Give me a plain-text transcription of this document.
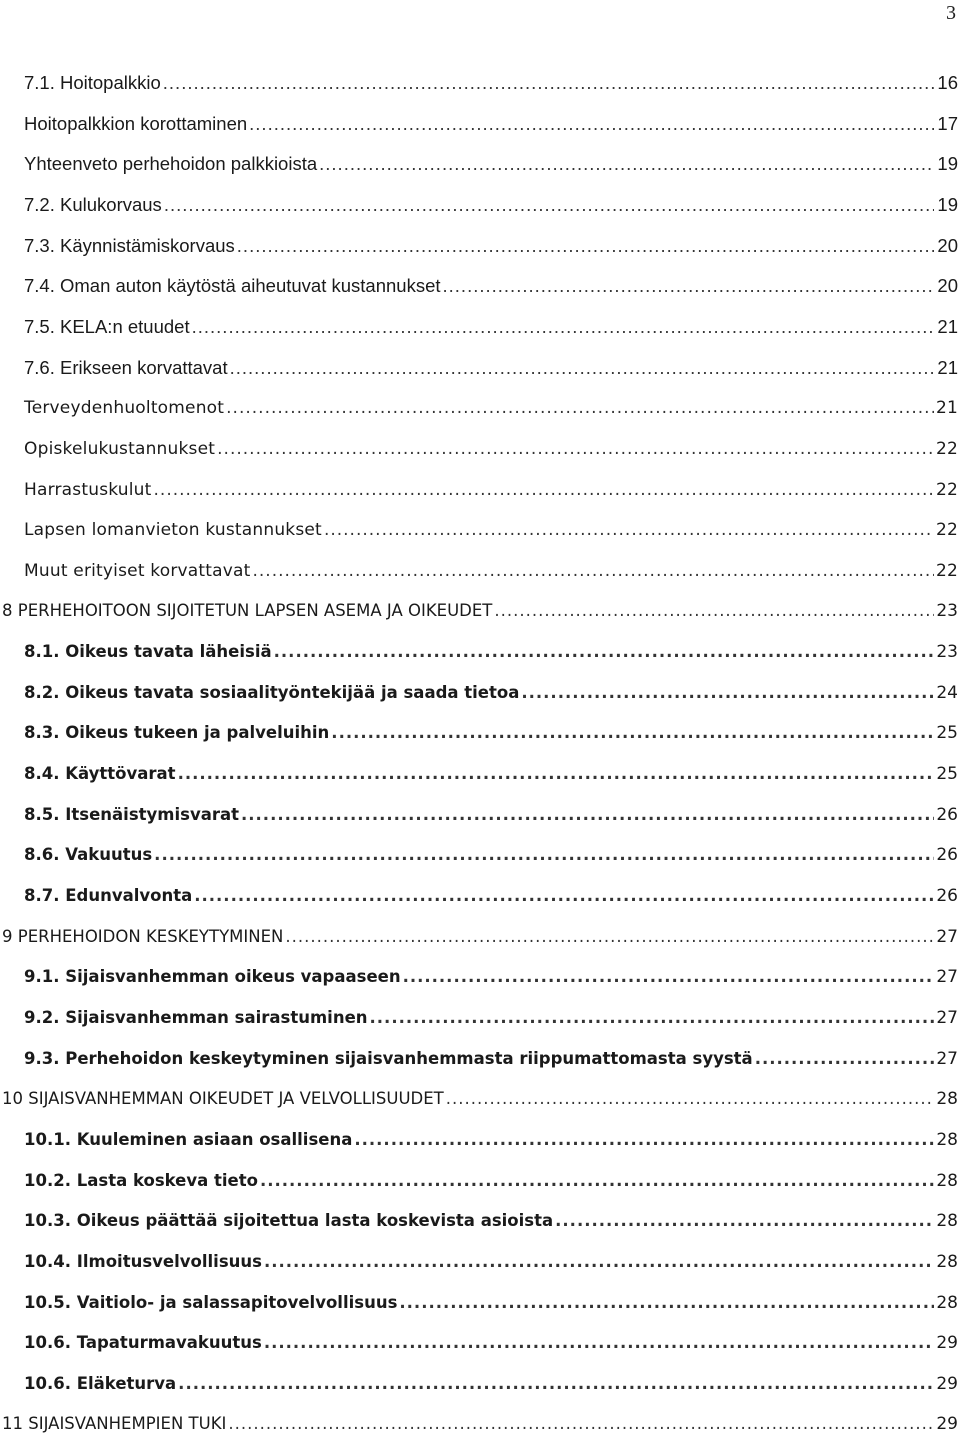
3
7.1. Hoitopalkkio .....	16
Hoitopalkkion korottaminen .....	17
Yhteenveto perhehoidon palkkioista .....	19
7.2. Kulukorvaus .....	19
7.3. Käynnistämiskorvaus .....	20
7.4. Oman auton käytöstä aiheutuvat kustannukset .....	20
7.5. KELA:n etuudet .....	21
7.6. Erikseen korvattavat .....	21
Terveydenhuoltomenot .....	21
Opiskelukustannukset .....	22
Harrastuskulut .....	22
Lapsen lomanvieton kustannukset .....	22
Muut erityiset korvattavat .....	22
8 PERHEHOITOON SIJOITETUN LAPSEN ASEMA JA OIKEUDET .....	23
8.1. Oikeus tavata läheisiä .....	23
8.2. Oikeus tavata sosiaalityöntekijää ja saada tietoa .....	24
8.3. Oikeus tukeen ja palveluihin .....	25
8.4. Käyttövarat .....	25
8.5. Itsenäistymisvarat .....	26
8.6. Vakuutus .....	26
8.7. Edunvalvonta .....	26
9 PERHEHOIDON KESKEYTYMINEN .....	27
9.1. Sijaisvanhemman oikeus vapaaseen .....	27
9.2. Sijaisvanhemman sairastuminen .....	27
9.3. Perhehoidon keskeytyminen sijaisvanhemmasta riippumattomasta syystä .....	27
10 SIJAISVANHEMMAN OIKEUDET JA VELVOLLISUUDET .....	28
10.1. Kuuleminen asiaan osallisena .....	28
10.2. Lasta koskeva tieto .....	28
10.3. Oikeus päättää sijoitettua lasta koskevista asioista .....	28
10.4. Ilmoitusvelvollisuus .....	28
10.5. Vaitiolo- ja salassapitovelvollisuus .....	28
10.6. Tapaturmavakuutus .....	29
10.6. Eläketurva .....	29
11 SIJAISVANHEMPIEN TUKI .....	29
